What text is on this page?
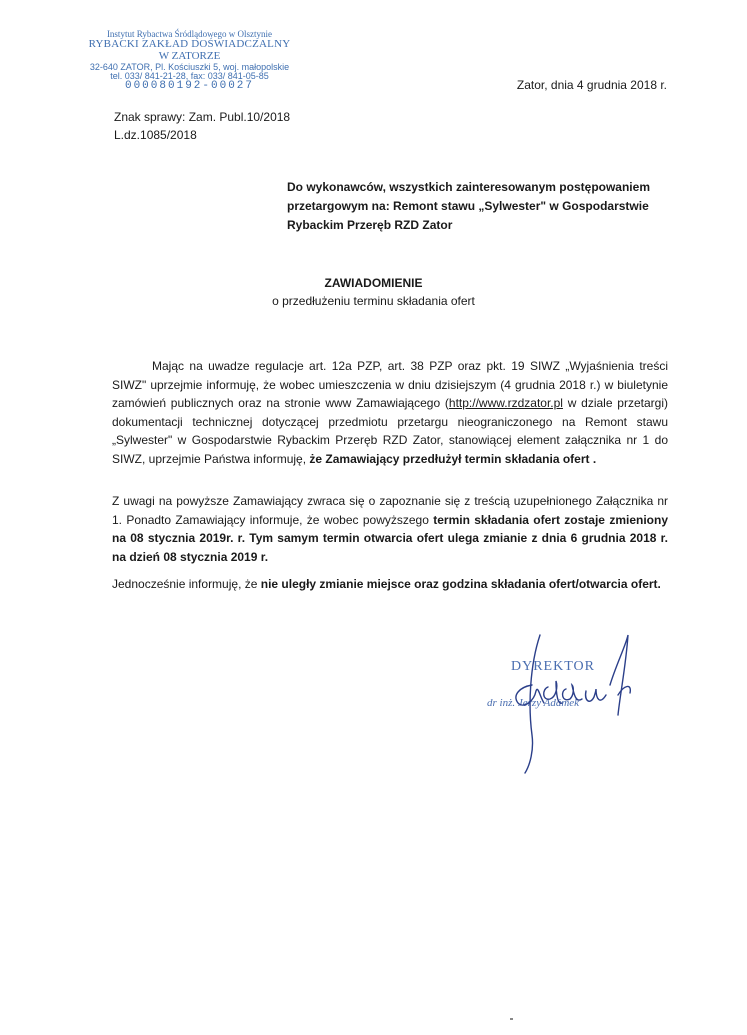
Instytut Rybactwa Śródlądowego w Olsztynie
RYBACKI ZAKŁAD DOŚWIADCZALNY
W ZATORZE
32-640 ZATOR, Pl. Kościuszki 5, woj. małopolskie
tel. 033/ 841-21-28, fax: 033/ 841-05-85
000080192-00027
Znak sprawy: Zam. Publ.10/2018
L.dz.1085/2018
Zator, dnia 4 grudnia 2018 r.
Do wykonawców, wszystkich zainteresowanym postępowaniem przetargowym na: Remont stawu „Sylwester" w Gospodarstwie Rybackim Przeręb RZD Zator
ZAWIADOMIENIE
o przedłużeniu terminu składania ofert
Mając na uwadze regulacje art. 12a PZP, art. 38 PZP oraz pkt. 19 SIWZ „Wyjaśnienia treści SIWZ" uprzejmie informuję, że wobec umieszczenia w dniu dzisiejszym (4 grudnia 2018 r.) w biuletynie zamówień publicznych oraz na stronie www Zamawiającego (http://www.rzdzator.pl w dziale przetargi) dokumentacji technicznej dotyczącej przedmiotu przetargu nieograniczonego na Remont stawu „Sylwester" w Gospodarstwie Rybackim Przeręb RZD Zator, stanowiącej element załącznika nr 1 do SIWZ, uprzejmie Państwa informuję, że Zamawiający przedłużył termin składania ofert .
Z uwagi na powyższe Zamawiający zwraca się o zapoznanie się z treścią uzupełnionego Załącznika nr 1. Ponadto Zamawiający informuje, że wobec powyższego termin składania ofert zostaje zmieniony na 08 stycznia 2019r. r. Tym samym termin otwarcia ofert ulega zmianie z dnia 6 grudnia 2018 r. na dzień 08 stycznia 2019 r.
Jednocześnie informuję, że nie uległy zmianie miejsce oraz godzina składania ofert/otwarcia ofert.
DYREKTOR
dr inż. Jerzy Adámek
